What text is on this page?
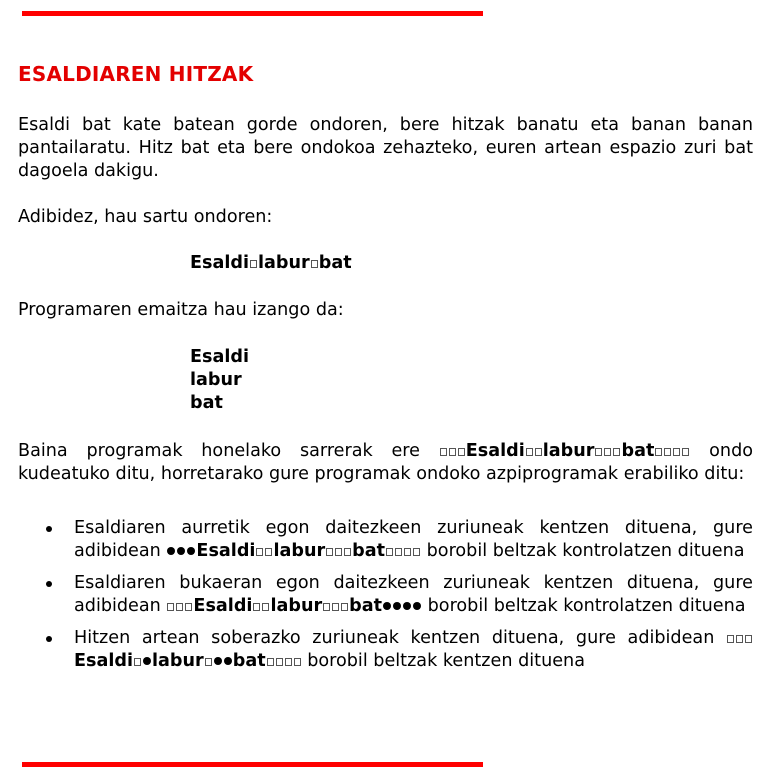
ESALDIAREN HITZAK

Esaldi bat kate batean gorde ondoren, bere hitzak banatu eta banan banan pantailaratu. Hitz bat eta bere ondokoa zehazteko, euren artean espazio zuri bat dagoela dakigu.

Adibidez, hau sartu ondoren:

Esaldi labur bat

Programaren emaitza hau izango da:

Esaldi
labur
bat

Baina programak honelako sarrerak ere	Esaldi labur bat	ondo kudeatuko ditu, horretarako gure programak ondoko azpiprogramak erabiliko ditu:

Esaldiaren aurretik egon daitezkeen zuriuneak kentzen dituena, gure adibidean Esaldi labur bat borobil beltzak kontrolatzen dituena
Esaldiaren bukaeran egon daitezkeen zuriuneak kentzen dituena, gure adibidean Esaldi labur bat	borobil beltzak kontrolatzen dituena
Hitzen artean soberazko zuriuneak kentzen dituena, gure adibidean Esaldi labur bat borobil beltzak kentzen dituena
